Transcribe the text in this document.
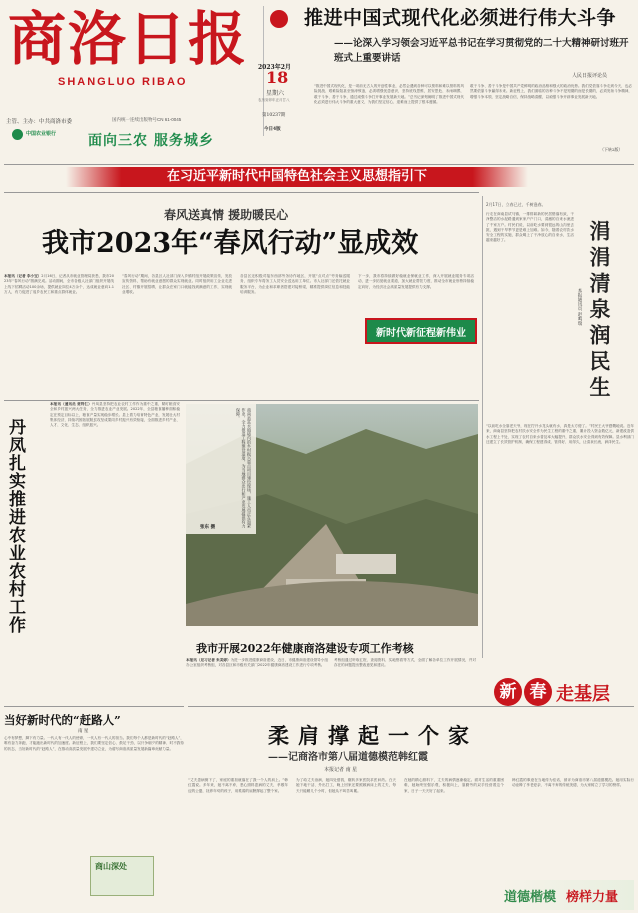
商洛日报
SHANGLUO RIBAO
主管、主办：中共商洛市委	国内统一连续出版物号CN 61-0045
中国农业银行 面向三农 服务城乡
2023年2月
18
星期六
农历癸卯年正月廿八
第10237期
今日4版
推进中国式现代化必须进行伟大斗争
——论深入学习领会习近平总书记在学习贯彻党的二十大精神研讨班开班式上重要讲话
人民日报评论员
“推进中国式现代化，是一项前无古人的开创性事业，必然会遇到各种可以预料和难以预料的风险挑战、艰难险阻甚至惊涛骇浪，必须增强忧患意识，坚持底线思维，居安思危、未雨绸缪，敢于斗争、善于斗争，通过顽强斗争打开事业发展新天地。”总书记深刻阐明了推进中国式现代化必须进行伟大斗争的重大意义，为我们坚定信心、迎难而上提供了根本遵循。
敢于斗争、善于斗争是中国共产党鲜明的政治品格和强大的政治优势。我们党依靠斗争走到今天，也必然要依靠斗争赢得未来。新征程上，我们面临的各种斗争不是短期的而是长期的，必须发扬斗争精神，增强斗争本领，坚定战略自信，保持战略清醒，以顽强斗争开辟事业发展新天地。
（下转2版）
在习近平新时代中国特色社会主义思想指引下
春风送真情 援助暖民心
我市2023年“春风行动”显成效
本报讯（记者 李小宝）2月16日，记者从市就业管理局获悉，我市2023年“春风行动”圆满完成。活动期间，全市各级人社部门组织开展线上线下招聘活动100余场，提供就业岗位4万余个，达成就业意向1.1万人，有力促进了返乡农民工和重点群体就业。
“春风行动”期间，各县区人社部门深入乡镇村组开展政策宣传，发放宣传资料，帮助有就业意愿的群众实现就业。同时组织用工企业走进社区、村镇开展招聘，让群众在家门口就能找到满意的工作，实现就业增收。
各县区还积极对接东西部劳务协作地区，开展“点对点”劳务输送服务，组织专车将务工人员安全送达用工单位。市人社部门还依托就业服务平台，为企业和求职者搭建对接桥梁，精准提供岗位信息和技能培训服务。
下一步，我市将持续做好稳就业保就业工作，深入开展就业服务专项活动，进一步拓宽就业渠道，加大就业帮扶力度，推动全市就业形势持续稳定向好，为经济社会高质量发展提供有力支撑。
新时代新征程新伟业
2月17日，立春已过，千树逢春。
行走在商南县试马镇，一排排崭新的民居错落有致，干净整洁的水泥路通到家家户户门口，清澈的自来水流进了千家万户。村民们说，以前吃水要到很远的山沟里去挑，遇到干旱季节更是难上加难。如今，随着农村饮水安全工程的实施，群众喝上了干净放心的自来水，生活越来越好了。	涓涓清泉润民生
本报通讯员 赵鸣瑞
“以前吃水全靠老天爷，现在拧开水龙头就有水，真是太方便了。”村民王大爷感慨地说。近年来，商南县坚持把农村饮水安全作为民生工程的重中之重，累计投入资金数亿元，新建改造供水工程上千处，实现了农村自来水普及率大幅提升，群众饮水安全得到有效保障。县水利部门还建立了长效管护机制，确保工程建得成、管得好、用得久，让清泉长流，润泽民生。
丹凤扎实推进农业农村工作
本报讯（通讯员 贾利仁）丹凤县坚持把农业农村工作作为重中之重，紧盯粮食安全和乡村振兴两大任务，全力推进农业产业发展。2022年，全县粮食播种面积稳定在预定目标以上，粮食产量实现稳步增长。县上着力培育特色产业，发展壮大村集体经济，持续巩固拓展脱贫攻坚成果同乡村振兴有效衔接，全面推进乡村产业、人才、文化、生态、组织振兴。	商南县富水镇境内的乡村振兴重点项目建设现场，施工人员正在加紧作业，全力推进工程建设进度，为当地群众出行和产业发展提供有力保障。
张东 摄
我市开展2022年健康商洛建设专项工作考核
本报讯（见习记者 朱美婷）为进一步推进健康商洛建设，近日，市健康商洛建设领导小组办公室组织考核组，对各县区和市级有关部门2022年健康商洛建设工作进行专项考核。
考核组通过听取汇报、查阅资料、实地察看等方式，全面了解各单位工作开展情况，并对存在的问题提出整改意见和建议。
当好新时代的“赶路人”
南 星
心中有梦想，脚下有力量。一代人有一代人的使命，一代人有一代人的担当。我们每个人都是新时代的“赶路人”，唯有奋力奔跑，才能跑出新时代的加速度。新征程上，我们要坚定信心、鼓足干劲，以只争朝夕的精神、时不我待的状态，当好新时代的“赶路人”，在推动高质量发展中建功立业，为谱写商洛高质量发展新篇章贡献力量。
商山深处
新 春 走基层
柔肩撑起一个家
——记商洛市第八届道德模范韩红霞
本报记者 南 星
“丈夫患病倒下了，家庭的重担就落在了我一个人的肩上。”韩红霞说。多年来，她不离不弃，悉心照料患病的丈夫，孝敬年迈的公婆，抚养年幼的孩子，用柔弱的肩膀撑起了整个家。
为了给丈夫治病，她四处借钱，辗转多家医院求医问药。白天她下地干活、外出打工，晚上回家还要照顾病床上的丈夫，每天只能睡几个小时，但她从不叫苦叫累。
在她的精心照料下，丈夫的病情逐渐稳定。面对生活的重重困难，她始终坚强乐观，积极向上，靠勤劳的双手经营着这个家，日子一天天好了起来。
韩红霞的事迹在当地传为佳话，被评为商洛市第八届道德模范。她用实际行动诠释了孝老爱亲、不离不弃的传统美德，为大家树立了学习的榜样。
道德楷模 榜样力量
